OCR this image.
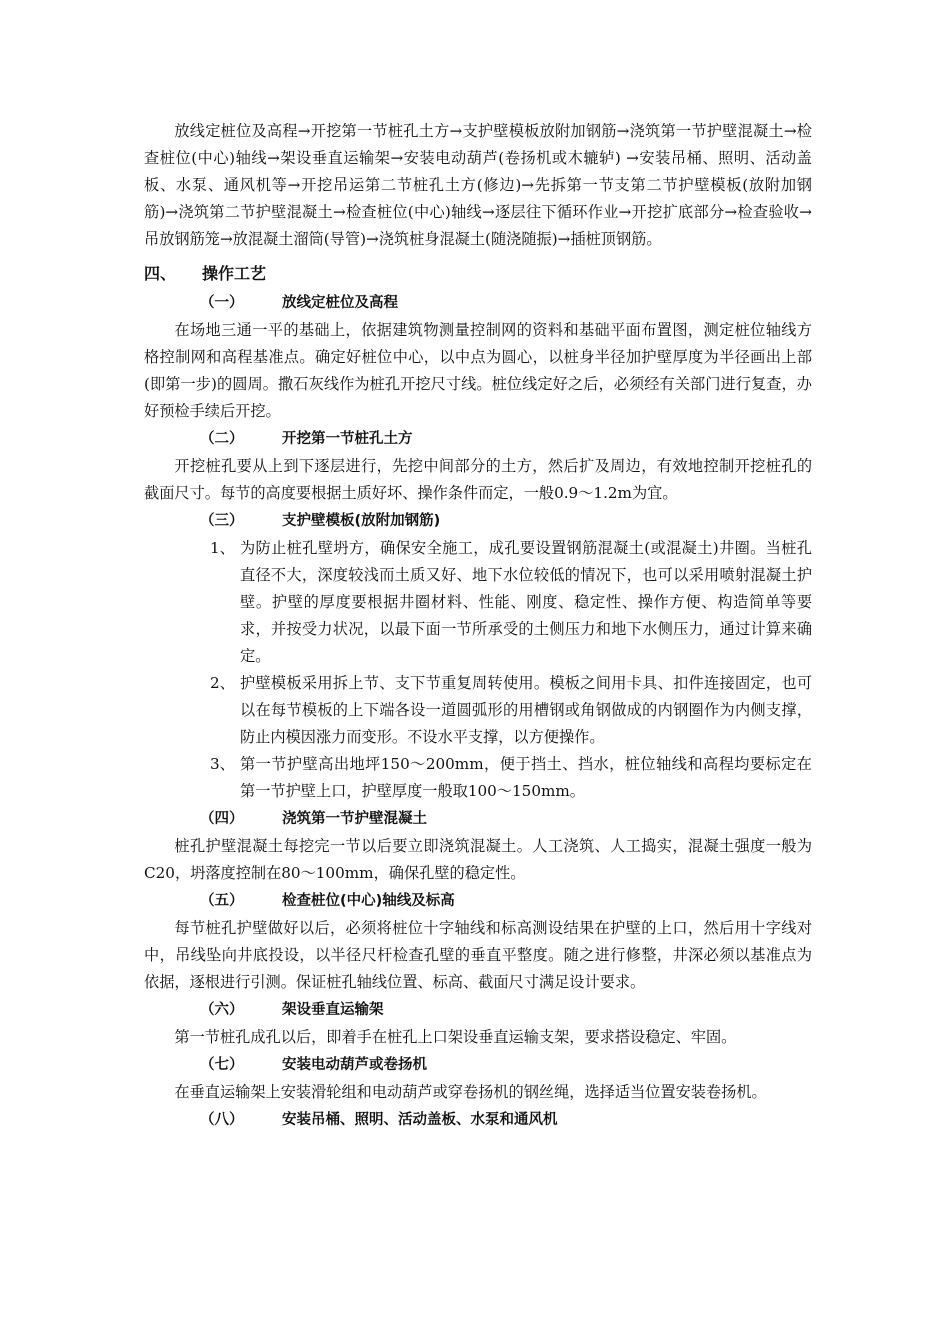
放线定桩位及高程→开挖第一节桩孔土方→支护壁模板放附加钢筋→浇筑第一节护壁混凝土→检查桩位(中心)轴线→架设垂直运输架→安装电动葫芦(卷扬机或木辘轳) →安装吊桶、照明、活动盖板、水泵、通风机等→开挖吊运第二节桩孔土方(修边)→先拆第一节支第二节护壁模板(放附加钢筋)→浇筑第二节护壁混凝土→检查桩位(中心)轴线→逐层往下循环作业→开挖扩底部分→检查验收→吊放钢筋笼→放混凝土溜筒(导管)→浇筑桩身混凝土(随浇随振)→插桩顶钢筋。

四、	操作工艺
（一）	放线定桩位及高程

在场地三通一平的基础上，依据建筑物测量控制网的资料和基础平面布置图，测定桩位轴线方格控制网和高程基准点。确定好桩位中心，以中点为圆心，以桩身半径加护壁厚度为半径画出上部(即第一步)的圆周。撒石灰线作为桩孔开挖尺寸线。桩位线定好之后，必须经有关部门进行复查，办好预检手续后开挖。

（二）	开挖第一节桩孔土方

开挖桩孔要从上到下逐层进行，先挖中间部分的土方，然后扩及周边，有效地控制开挖桩孔的截面尺寸。每节的高度要根据土质好坏、操作条件而定，一般0.9～1.2m为宜。

（三）	支护壁模板(放附加钢筋)
1、 为防止桩孔壁坍方，确保安全施工，成孔要设置钢筋混凝土(或混凝土)井圈。当桩孔直径不大，深度较浅而土质又好、地下水位较低的情况下，也可以采用喷射混凝土护壁。护壁的厚度要根据井圈材料、性能、刚度、稳定性、操作方便、构造简单等要求，并按受力状况，以最下面一节所承受的土侧压力和地下水侧压力，通过计算来确定。
2、 护壁模板采用拆上节、支下节重复周转使用。模板之间用卡具、扣件连接固定，也可以在每节模板的上下端各设一道圆弧形的用槽钢或角钢做成的内钢圈作为内侧支撑，防止内模因涨力而变形。不设水平支撑，以方便操作。
3、 第一节护壁高出地坪150～200mm，便于挡土、挡水，桩位轴线和高程均要标定在第一节护壁上口，护壁厚度一般取100～150mm。
（四）	浇筑第一节护壁混凝土

桩孔护壁混凝土每挖完一节以后要立即浇筑混凝土。人工浇筑、人工捣实，混凝土强度一般为C20，坍落度控制在80～100mm，确保孔壁的稳定性。

（五）	检查桩位(中心)轴线及标高

每节桩孔护壁做好以后，必须将桩位十字轴线和标高测设结果在护壁的上口，然后用十字线对中，吊线坠向井底投设，以半径尺杆检查孔壁的垂直平整度。随之进行修整，井深必须以基准点为依据，逐根进行引测。保证桩孔轴线位置、标高、截面尺寸满足设计要求。

（六）	架设垂直运输架

第一节桩孔成孔以后，即着手在桩孔上口架设垂直运输支架，要求搭设稳定、牢固。

（七）	安装电动葫芦或卷扬机

在垂直运输架上安装滑轮组和电动葫芦或穿卷扬机的钢丝绳，选择适当位置安装卷扬机。

（八）	安装吊桶、照明、活动盖板、水泵和通风机
